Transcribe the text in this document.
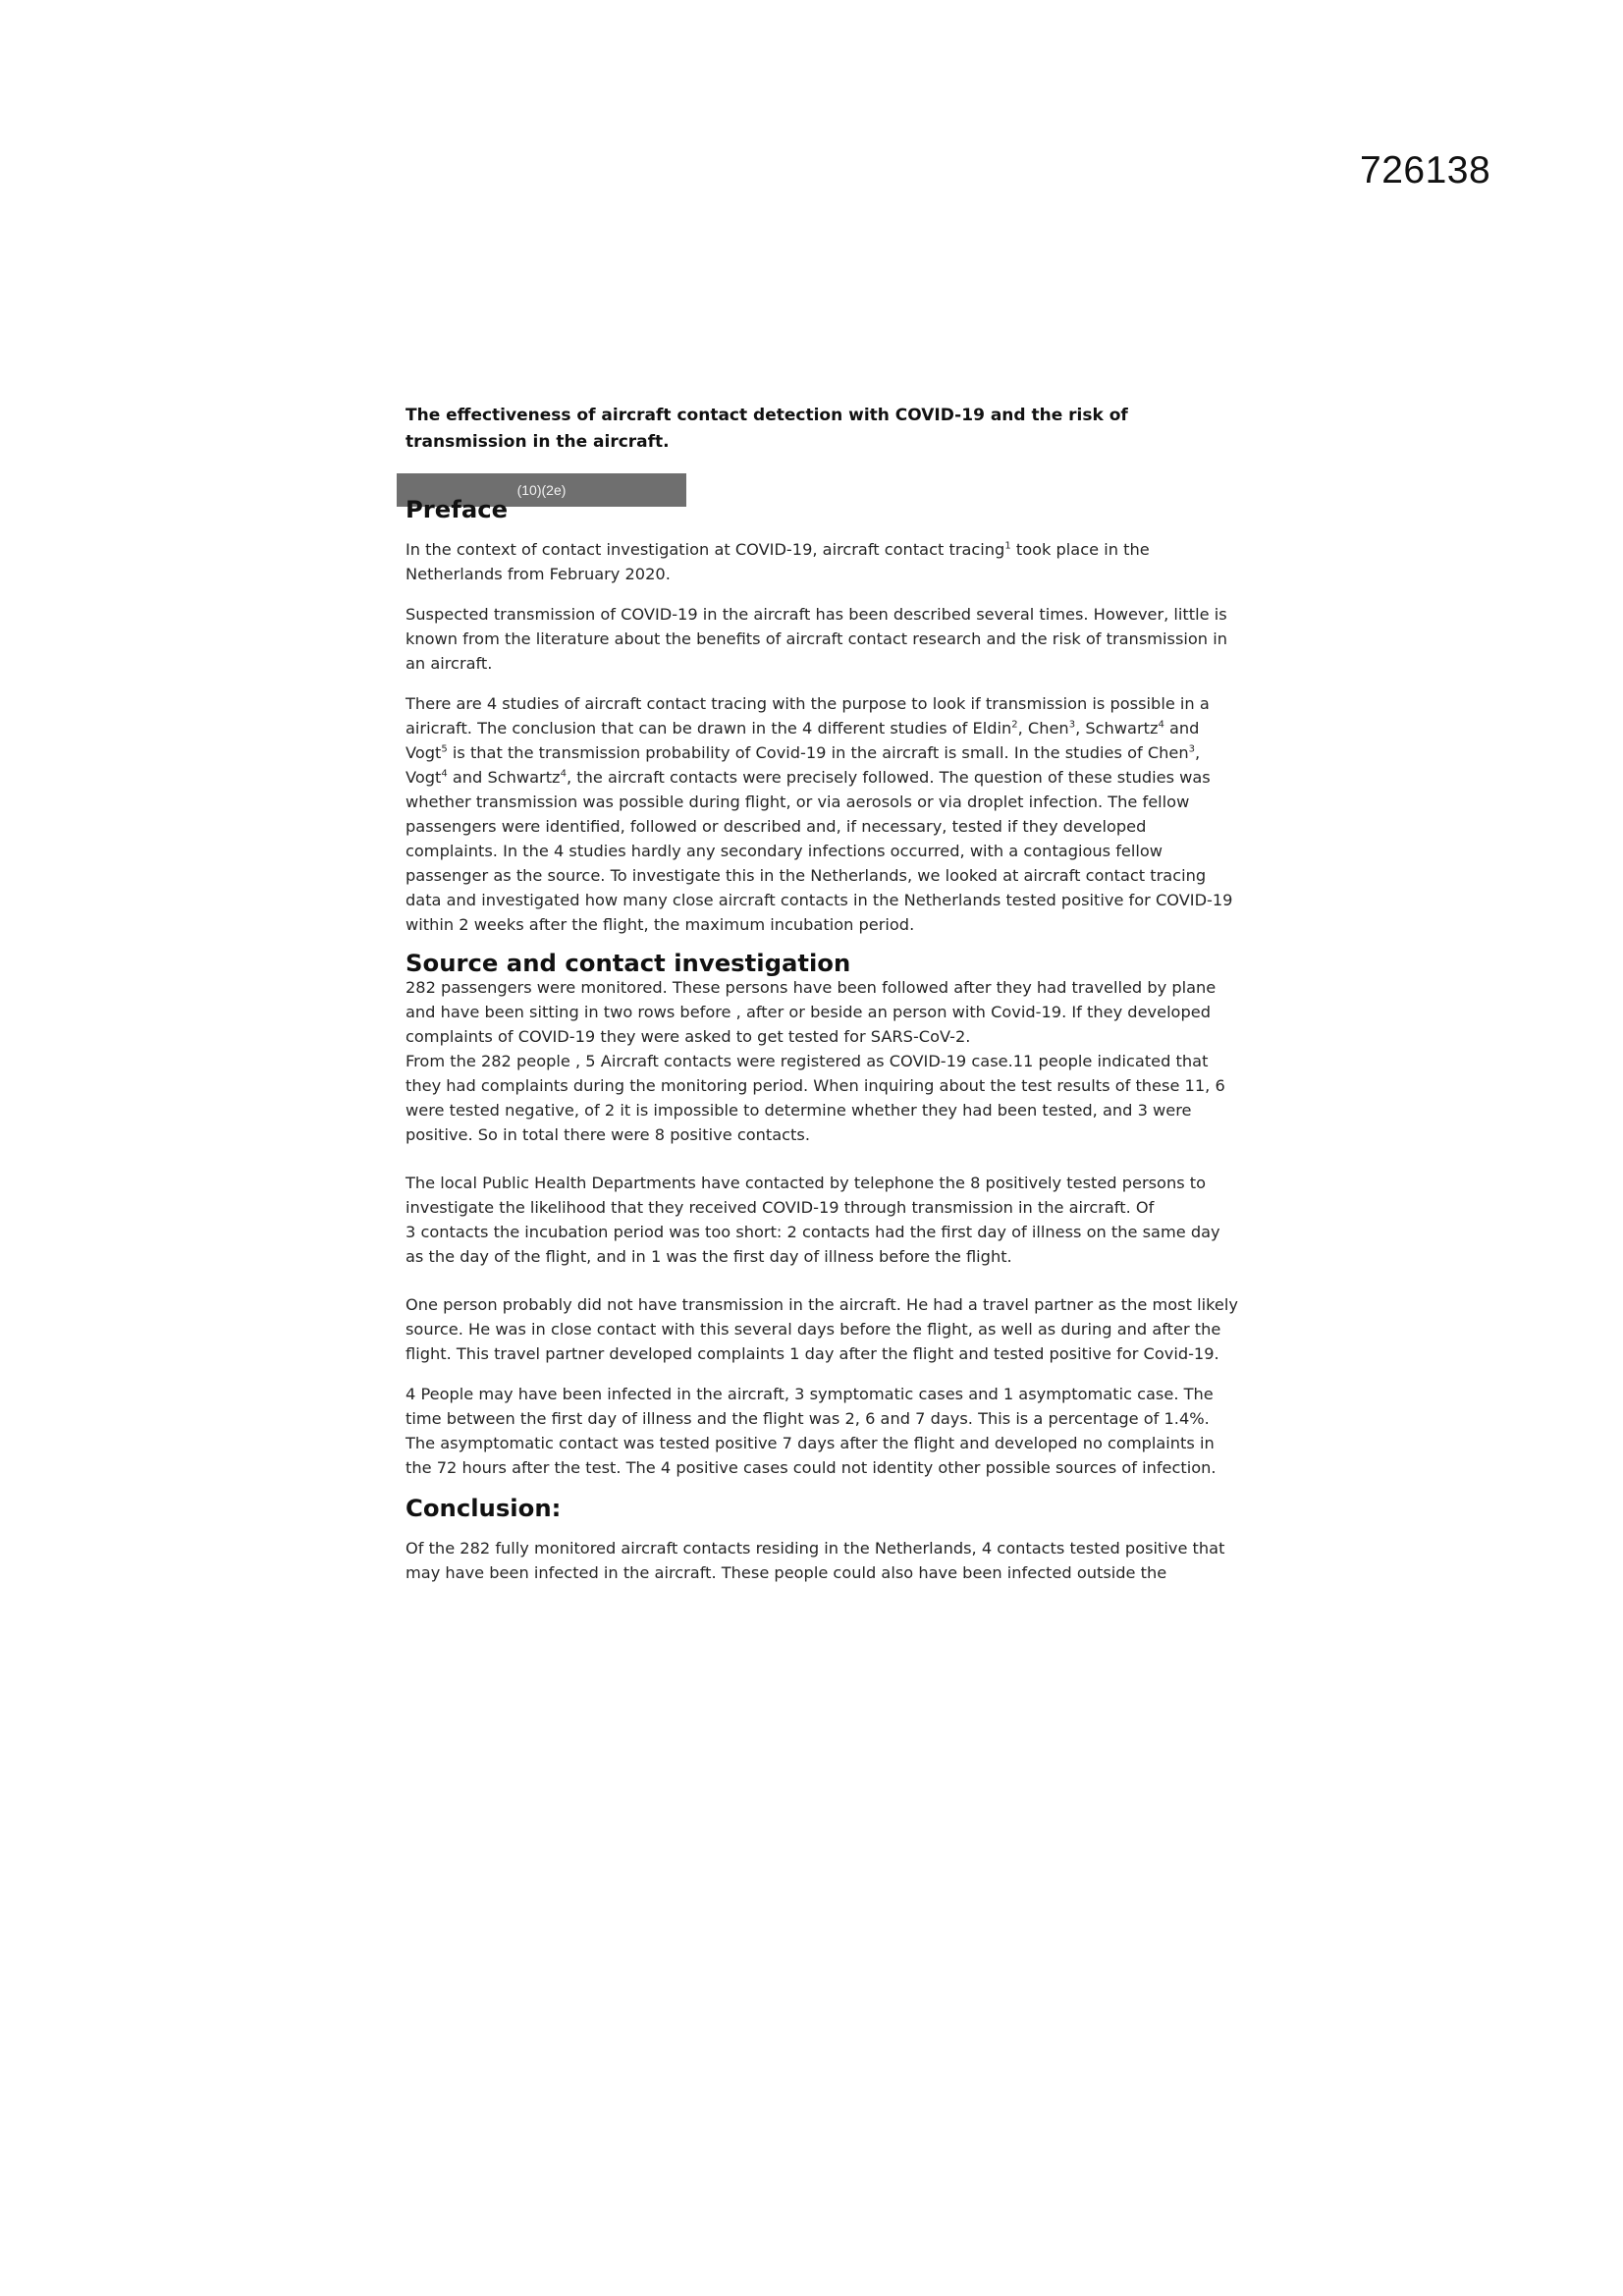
726138
(10)(2e)
The effectiveness of aircraft contact detection with COVID-19 and the risk of transmission in the aircraft.
Preface

In the context of contact investigation at COVID-19, aircraft contact tracing$^1$ took place in the Netherlands from February 2020.

Suspected transmission of COVID-19 in the aircraft has been described several times. However, little is known from the literature about the benefits of aircraft contact research and the risk of transmission in an aircraft.

There are 4 studies of aircraft contact tracing with the purpose to look if transmission is possible in a airicraft. The conclusion that can be drawn in the 4 different studies of Eldin$^2$, Chen$^3$, Schwartz$^4$ and Vogt$^5$ is that the transmission probability of Covid-19 in the aircraft is small. In the studies of Chen$^3$, Vogt$^4$ and Schwartz$^4$, the aircraft contacts were precisely followed. The question of these studies was whether transmission was possible during flight, or via aerosols or via droplet infection. The fellow passengers were identified, followed or described and, if necessary, tested if they developed complaints. In the 4 studies hardly any secondary infections occurred, with a contagious fellow passenger as the source. To investigate this in the Netherlands, we looked at aircraft contact tracing data and investigated how many close aircraft contacts in the Netherlands tested positive for COVID-19 within 2 weeks after the flight, the maximum incubation period.

Source and contact investigation

282 passengers were monitored. These persons have been followed after they had travelled by plane and have been sitting in two rows before , after or beside an person with Covid-19. If they developed complaints of COVID-19 they were asked to get tested for SARS-CoV-2.

From the 282 people , 5 Aircraft contacts were registered as COVID-19 case.11 people indicated that they had complaints during the monitoring period. When inquiring about the test results of these 11, 6 were tested negative, of 2 it is impossible to determine whether they had been tested, and 3 were positive. So in total there were 8 positive contacts.

The local Public Health Departments have contacted by telephone the 8 positively tested persons to investigate the likelihood that they received COVID-19 through transmission in the aircraft. Of
3 contacts the incubation period was too short: 2 contacts had the first day of illness on the same day as the day of the flight, and in 1 was the first day of illness before the flight.

One person probably did not have transmission in the aircraft. He had a travel partner as the most likely source. He was in close contact with this several days before the flight, as well as during and after the flight. This travel partner developed complaints 1 day after the flight and tested positive for Covid-19.

4 People may have been infected in the aircraft, 3 symptomatic cases and 1 asymptomatic case. The time between the first day of illness and the flight was 2, 6 and 7 days. This is a percentage of 1.4%. The asymptomatic contact was tested positive 7 days after the flight and developed no complaints in the 72 hours after the test. The 4 positive cases could not identity other possible sources of infection.

Conclusion:

Of the 282 fully monitored aircraft contacts residing in the Netherlands, 4 contacts tested positive that may have been infected in the aircraft. These people could also have been infected outside the
